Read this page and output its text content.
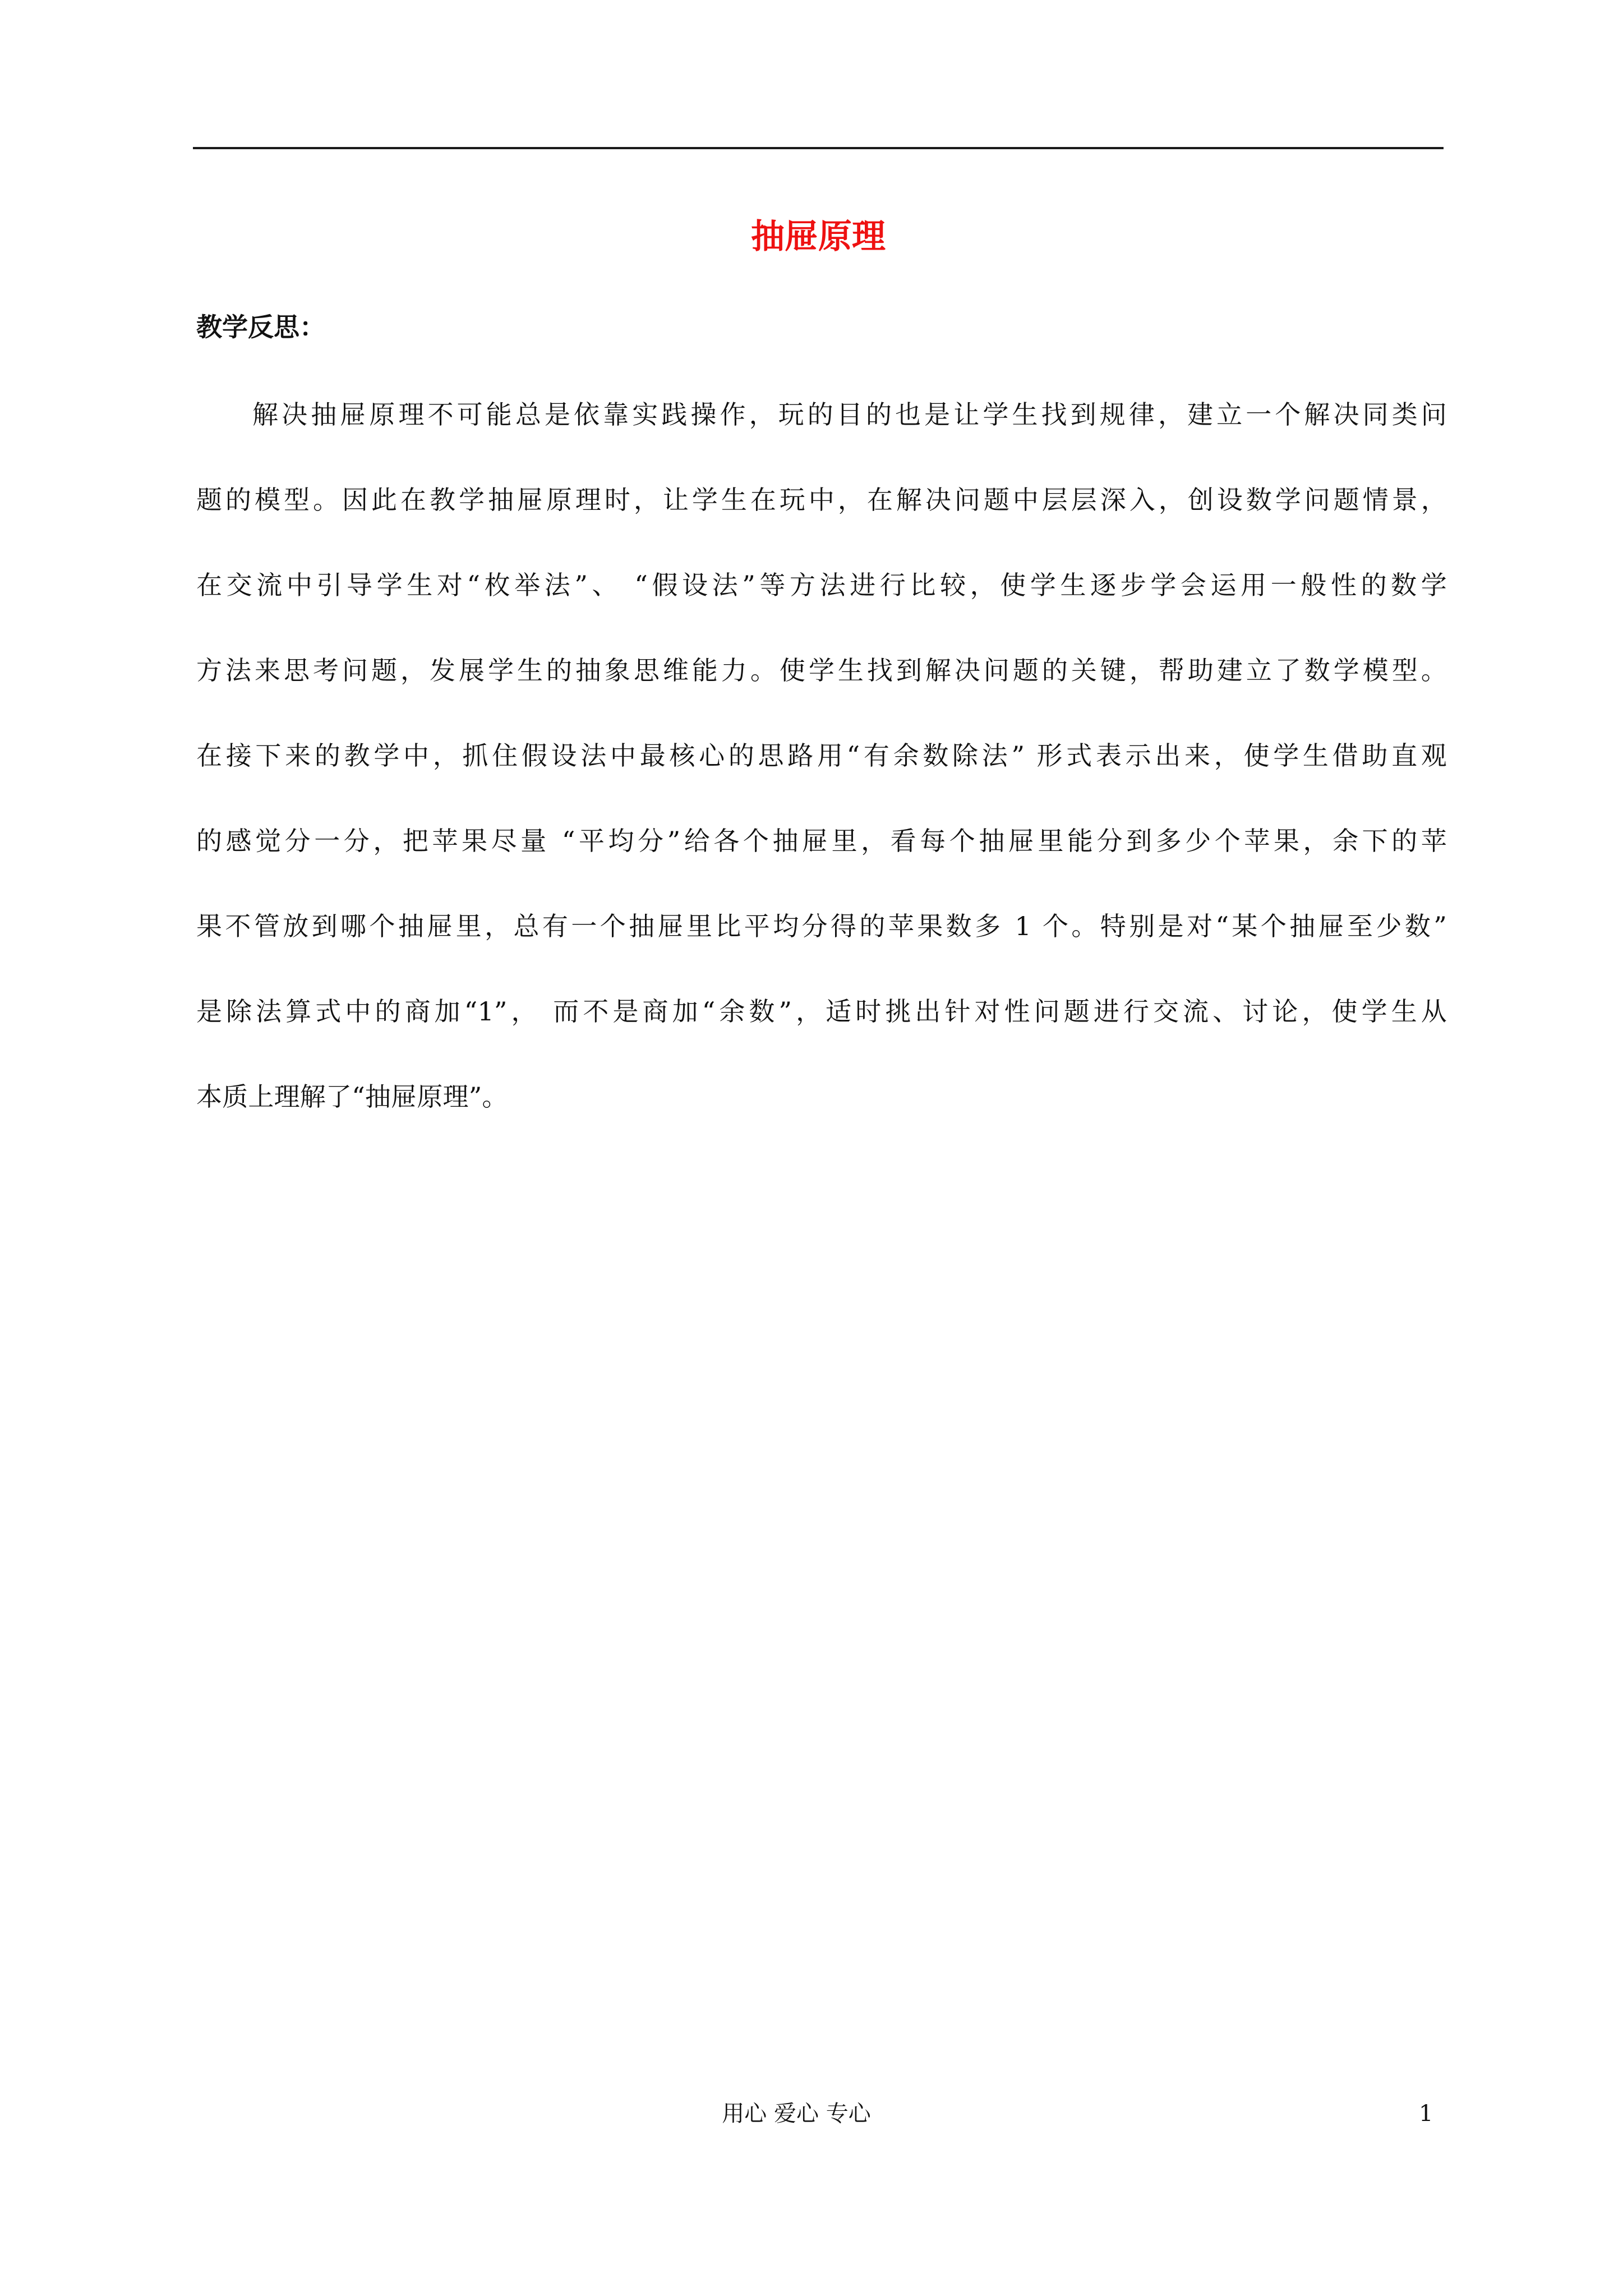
抽屉原理
教学反思：
解决抽屉原理不可能总是依靠实践操作，玩的目的也是让学生找到规律，建立一个解决同类问
题的模型。因此在教学抽屉原理时，让学生在玩中，在解决问题中层层深入，创设数学问题情景，
在交流中引导学生对“枚举法”、 “假设法”等方法进行比较，使学生逐步学会运用一般性的数学
方法来思考问题，发展学生的抽象思维能力。使学生找到解决问题的关键，帮助建立了数学模型。
在接下来的教学中，抓住假设法中最核心的思路用“有余数除法” 形式表示出来，使学生借助直观
的感觉分一分，把苹果尽量 “平均分”给各个抽屉里，看每个抽屉里能分到多少个苹果，余下的苹
果不管放到哪个抽屉里，总有一个抽屉里比平均分得的苹果数多 1 个。特别是对“某个抽屉至少数”
是除法算式中的商加“1”， 而不是商加“余数”，适时挑出针对性问题进行交流、讨论，使学生从
本质上理解了“抽屉原理”。

用心 爱心 专心	1
